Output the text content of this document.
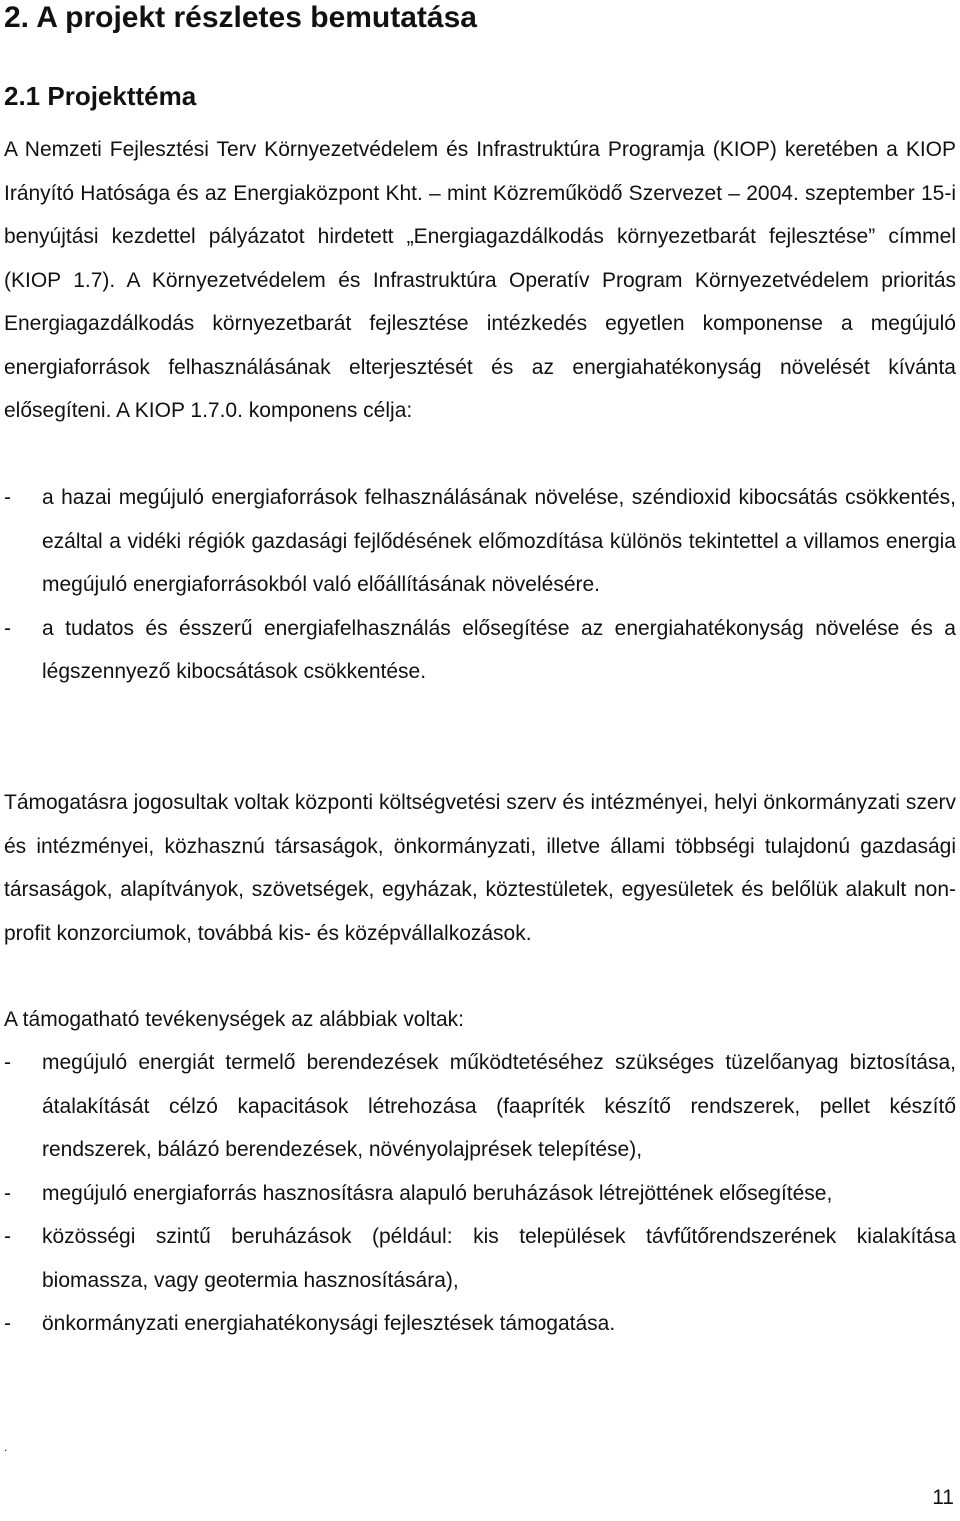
2. A projekt részletes bemutatása
2.1 Projekttéma

A Nemzeti Fejlesztési Terv Környezetvédelem és Infrastruktúra Programja (KIOP) keretében a KIOP Irányító Hatósága és az Energiaközpont Kht. – mint Közreműködő Szervezet – 2004. szeptember 15-i benyújtási kezdettel pályázatot hirdetett „Energiagazdálkodás környezetbarát fejlesztése” címmel (KIOP 1.7). A Környezetvédelem és Infrastruktúra Operatív Program Környezetvédelem prioritás Energiagazdálkodás környezetbarát fejlesztése intézkedés egyetlen komponense a megújuló energiaforrások felhasználásának elterjesztését és az energiahatékonyság növelését kívánta elősegíteni. A KIOP 1.7.0. komponens célja:

- a hazai megújuló energiaforrások felhasználásának növelése, széndioxid kibocsátás csökkentés, ezáltal a vidéki régiók gazdasági fejlődésének előmozdítása különös tekintettel a villamos energia megújuló energiaforrásokból való előállításának növelésére.
- a tudatos és ésszerű energiafelhasználás elősegítése az energiahatékonyság növelése és a légszennyező kibocsátások csökkentése.

Támogatásra jogosultak voltak központi költségvetési szerv és intézményei, helyi önkormányzati szerv és intézményei, közhasznú társaságok, önkormányzati, illetve állami többségi tulajdonú gazdasági társaságok, alapítványok, szövetségek, egyházak, köztestületek, egyesületek és belőlük alakult non-profit konzorciumok, továbbá kis- és középvállalkozások.

A támogatható tevékenységek az alábbiak voltak:

- megújuló energiát termelő berendezések működtetéséhez szükséges tüzelőanyag biztosítása, átalakítását célzó kapacitások létrehozása (faapríték készítő rendszerek, pellet készítő rendszerek, bálázó berendezések, növényolajprések telepítése),
- megújuló energiaforrás hasznosításra alapuló beruházások létrejöttének elősegítése,
- közösségi szintű beruházások (például: kis települések távfűtőrendszerének kialakítása biomassza, vagy geotermia hasznosítására),
- önkormányzati energiahatékonysági fejlesztések támogatása.
.
11
